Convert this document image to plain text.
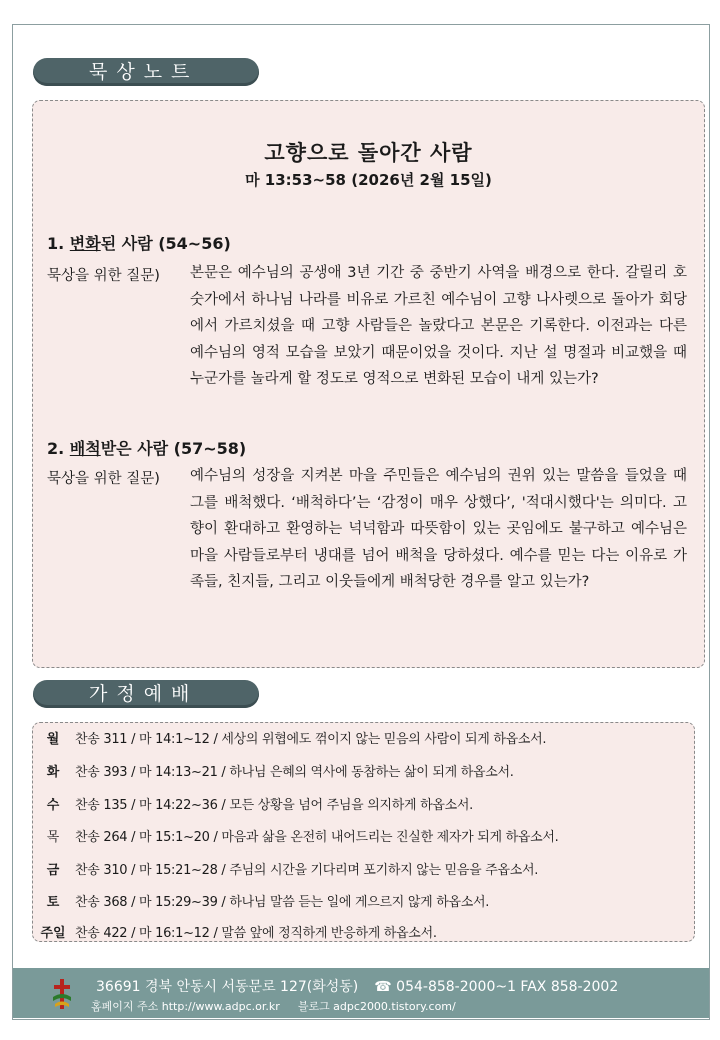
묵상노트
고향으로 돌아간 사람
마 13:53~58 (2026년 2월 15일)
1. 변화된 사람 (54~56)
묵상을 위한 질문) 본문은 예수님의 공생애 3년 기간 중 중반기 사역을 배경으로 한다. 갈릴리 호숫가에서 하나님 나라를 비유로 가르친 예수님이 고향 나사렛으로 돌아가 회당에서 가르치셨을 때 고향 사람들은 놀랐다고 본문은 기록한다. 이전과는 다른 예수님의 영적 모습을 보았기 때문이었을 것이다. 지난 설 명절과 비교했을 때 누군가를 놀라게 할 정도로 영적으로 변화된 모습이 내게 있는가?
2. 배척받은 사람 (57~58)
묵상을 위한 질문) 예수님의 성장을 지켜본 마을 주민들은 예수님의 권위 있는 말씀을 들었을 때 그를 배척했다. ‘배척하다’는 ‘감정이 매우 상했다’, '적대시했다'는 의미다. 고향이 환대하고 환영하는 넉넉함과 따뜻함이 있는 곳임에도 불구하고 예수님은 마을 사람들로부터 냉대를 넘어 배척을 당하셨다. 예수를 믿는 다는 이유로 가족들, 친지들, 그리고 이웃들에게 배척당한 경우를 알고 있는가?
가정예배
월	찬송 311 / 마 14:1~12 / 세상의 위협에도 꺾이지 않는 믿음의 사람이 되게 하옵소서.
화	찬송 393 / 마 14:13~21 / 하나님 은혜의 역사에 동참하는 삶이 되게 하옵소서.
수	찬송 135 / 마 14:22~36 / 모든 상황을 넘어 주님을 의지하게 하옵소서.
목	찬송 264 / 마 15:1~20 / 마음과 삶을 온전히 내어드리는 진실한 제자가 되게 하옵소서.
금	찬송 310 / 마 15:21~28 / 주님의 시간을 기다리며 포기하지 않는 믿음을 주옵소서.
토	찬송 368 / 마 15:29~39 / 하나님 말씀 듣는 일에 게으르지 않게 하옵소서.
주일 찬송 422 / 마 16:1~12 / 말씀 앞에 정직하게 반응하게 하옵소서.
36691 경북 안동시 서동문로 127(화성동) ☎ 054-858-2000~1 FAX 858-2002
홈페이지 주소 http://www.adpc.or.kr 블로그 adpc2000.tistory.com/
